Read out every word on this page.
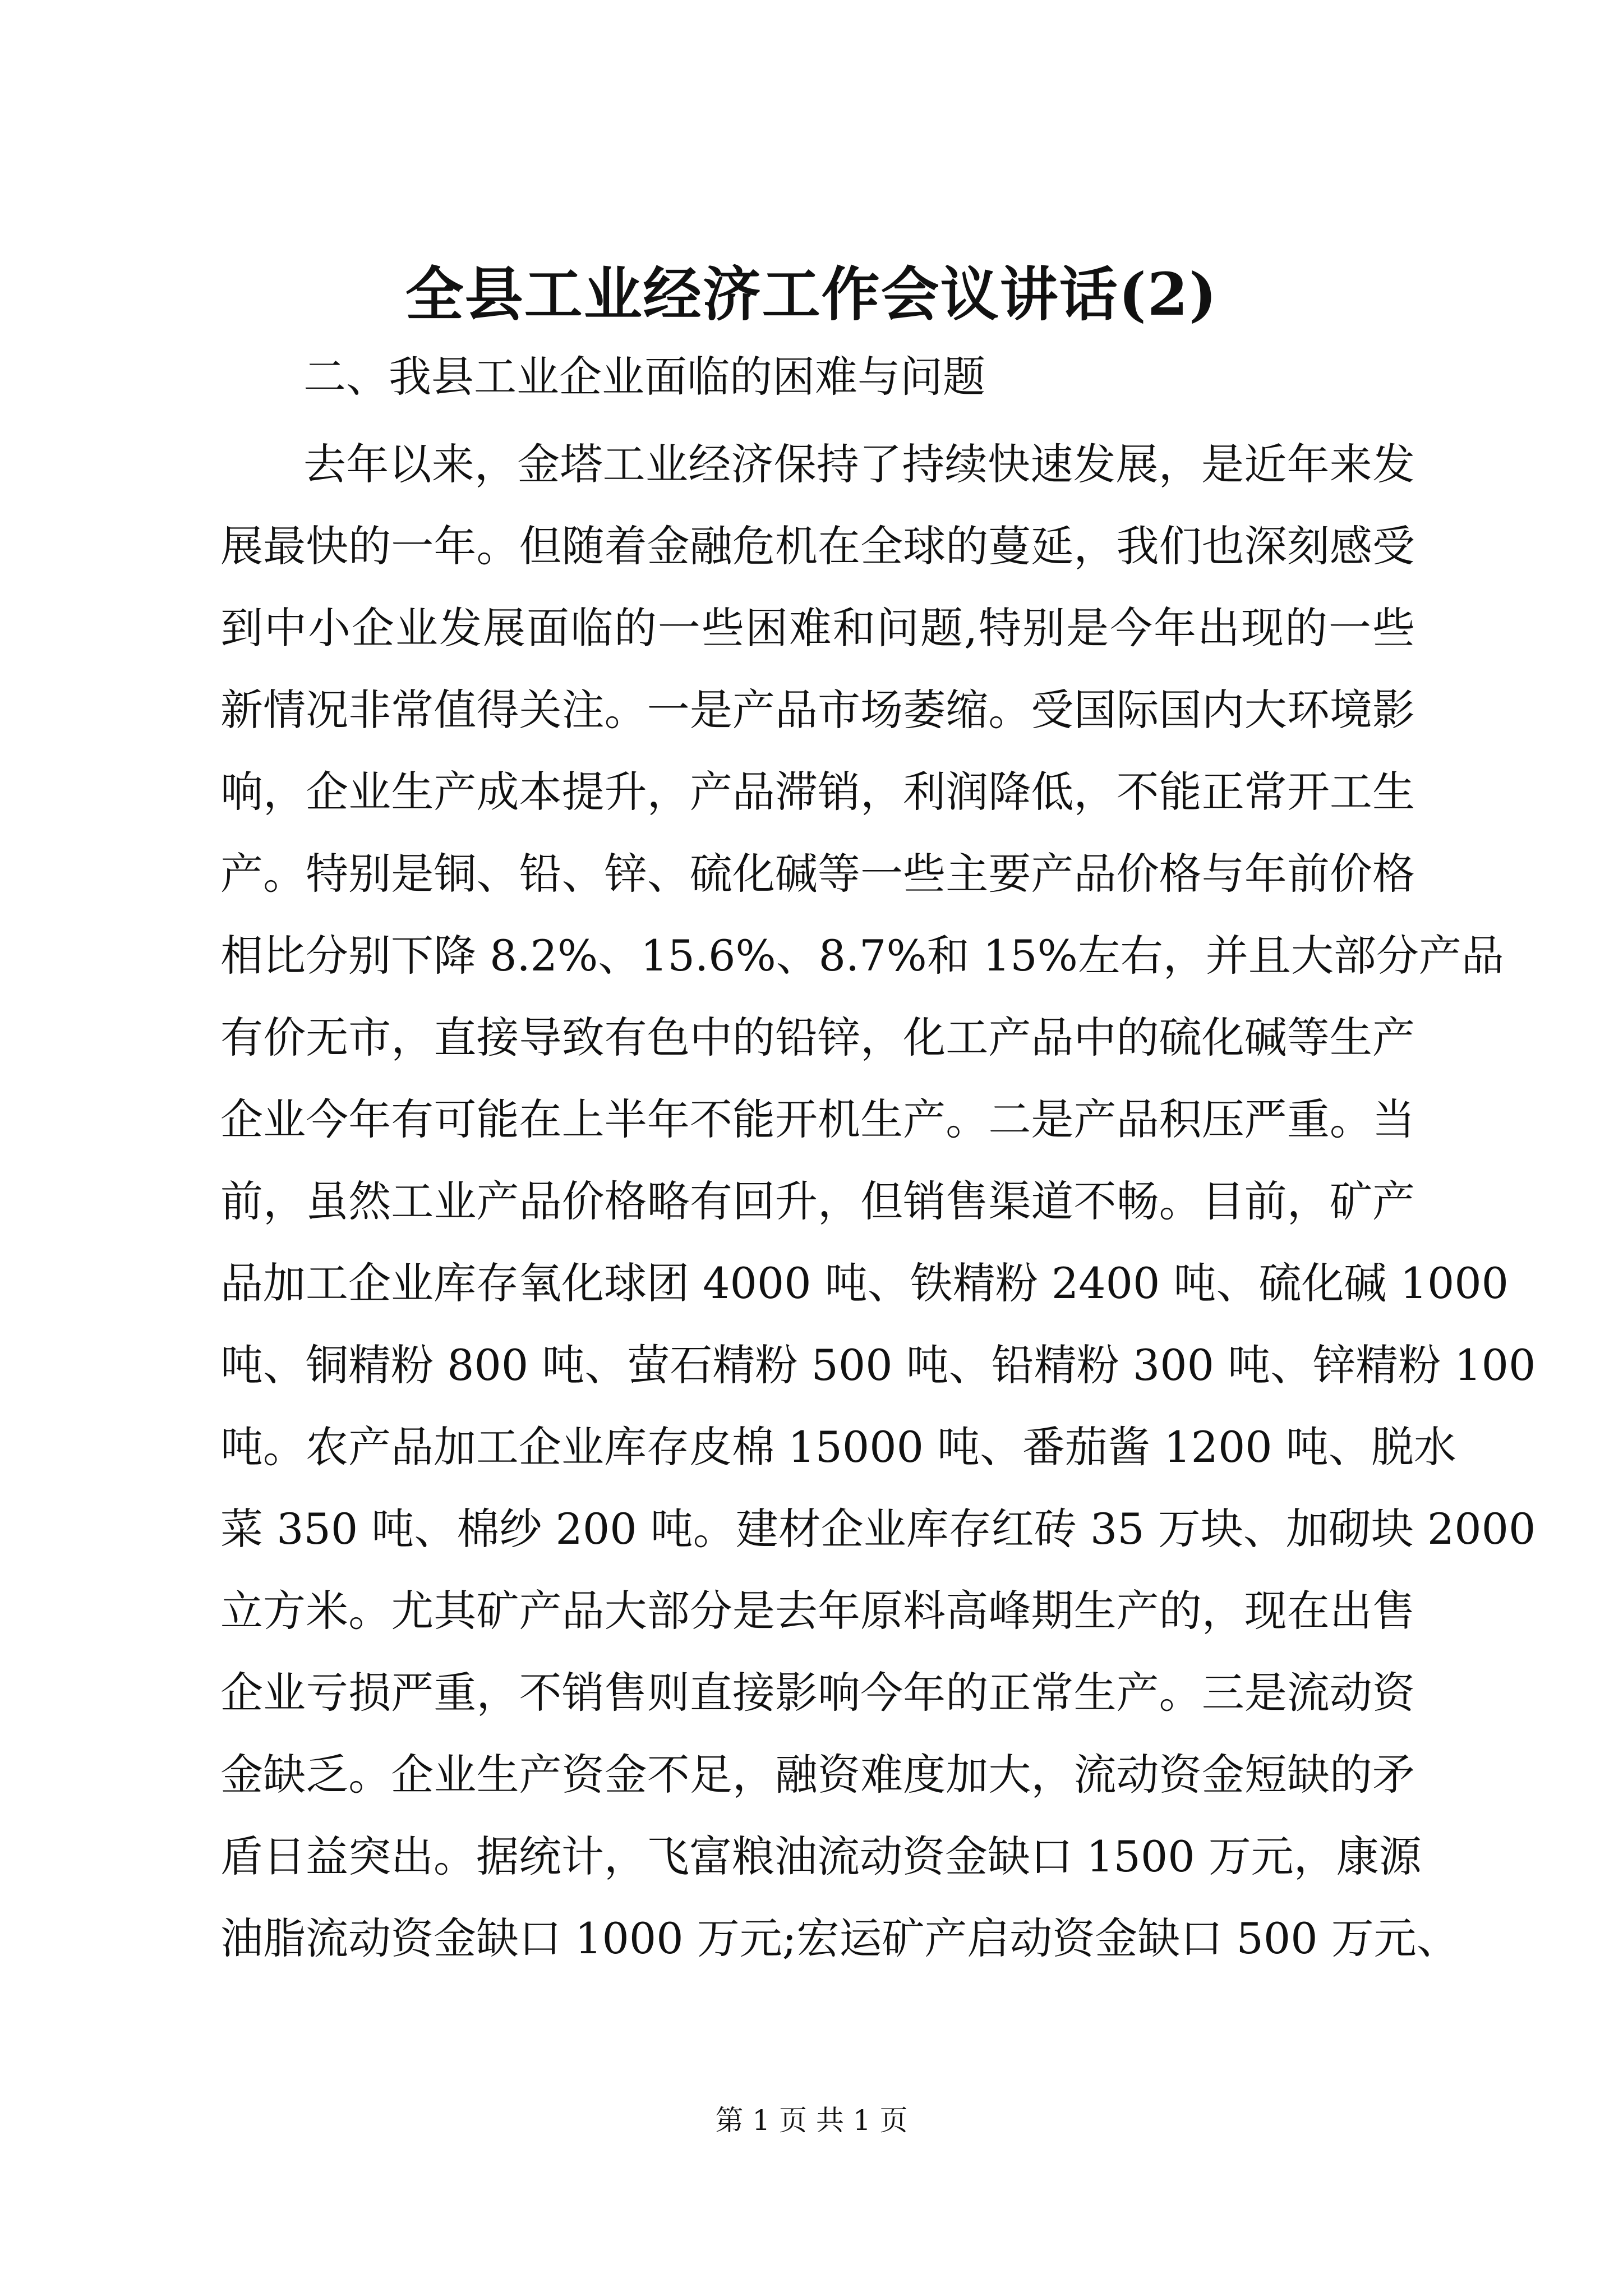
全县工业经济工作会议讲话(2)

二、我县工业企业面临的困难与问题

去年以来，金塔工业经济保持了持续快速发展，是近年来发
展最快的一年。但随着金融危机在全球的蔓延，我们也深刻感受
到中小企业发展面临的一些困难和问题,特别是今年出现的一些
新情况非常值得关注。一是产品市场萎缩。受国际国内大环境影
响，企业生产成本提升，产品滞销，利润降低，不能正常开工生
产。特别是铜、铅、锌、硫化碱等一些主要产品价格与年前价格
相比分别下降 8.2%、15.6%、8.7%和 15%左右，并且大部分产品
有价无市，直接导致有色中的铅锌，化工产品中的硫化碱等生产
企业今年有可能在上半年不能开机生产。二是产品积压严重。当
前，虽然工业产品价格略有回升，但销售渠道不畅。目前，矿产
品加工企业库存氧化球团 4000 吨、铁精粉 2400 吨、硫化碱 1000
吨、铜精粉 800 吨、萤石精粉 500 吨、铅精粉 300 吨、锌精粉 100
吨。农产品加工企业库存皮棉 15000 吨、番茄酱 1200 吨、脱水
菜 350 吨、棉纱 200 吨。建材企业库存红砖 35 万块、加砌块 2000
立方米。尤其矿产品大部分是去年原料高峰期生产的，现在出售
企业亏损严重，不销售则直接影响今年的正常生产。三是流动资
金缺乏。企业生产资金不足，融资难度加大，流动资金短缺的矛
盾日益突出。据统计，飞富粮油流动资金缺口 1500 万元，康源
油脂流动资金缺口 1000 万元;宏运矿产启动资金缺口 500 万元、

第 1 页 共 1 页
